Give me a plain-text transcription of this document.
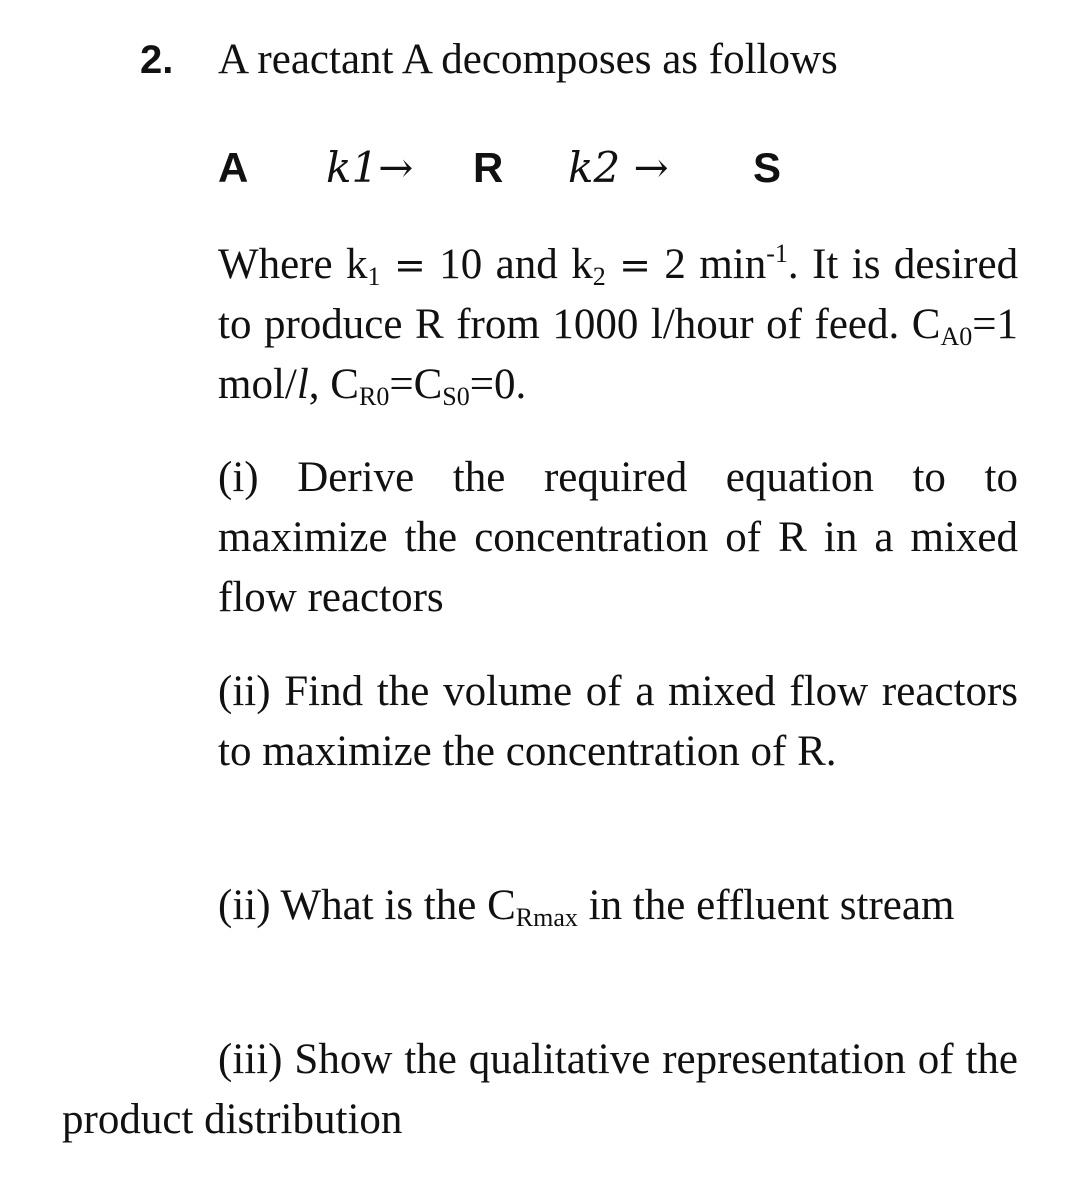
2. A reactant A decomposes as follows
A k1→ R k2 → S
Where $k_1 = 10$ and $k_2 = 2$ $\min^{-1}$. It is desired to produce R from 1000 l/hour of feed. $C_{A0}=1$ mol/l, $C_{R0}=C_{S0}=0$.
(i) Derive the required equation to to maximize the concentration of R in a mixed flow reactors
(ii) Find the volume of a mixed flow reactors to maximize the concentration of R.
(ii) What is the $C_{Rmax}$ in the effluent stream
(iii) Show the qualitative representation of the product distribution
